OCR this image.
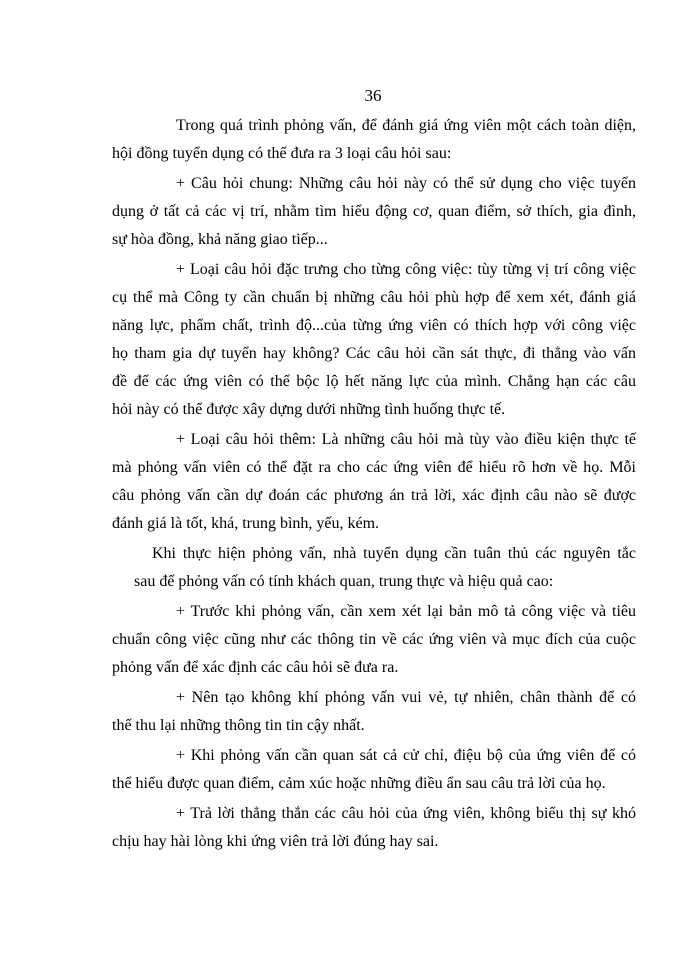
36
Trong quá trình phỏng vấn, để đánh giá ứng viên một cách toàn diện,
hội đồng tuyển dụng có thể đưa ra 3 loại câu hỏi sau:
+ Câu hỏi chung: Những câu hỏi này có thể sử dụng cho việc tuyển
dụng ở tất cả các vị trí, nhằm tìm hiểu động cơ, quan điểm, sở thích, gia đình,
sự hòa đồng, khả năng giao tiếp...
+ Loại câu hỏi đặc trưng cho từng công việc: tùy từng vị trí công việc
cụ thể mà Công ty cần chuẩn bị những câu hỏi phù hợp để xem xét, đánh giá
năng lực, phẩm chất, trình độ...của từng ứng viên có thích hợp với công việc
họ tham gia dự tuyển hay không? Các câu hỏi cần sát thực, đi thẳng vào vấn
đề để các ứng viên có thể bộc lộ hết năng lực của mình. Chẳng hạn các câu
hỏi này có thể được xây dựng dưới những tình huống thực tế.
+ Loại câu hỏi thêm: Là những câu hỏi mà tùy vào điều kiện thực tế
mà phỏng vấn viên có thể đặt ra cho các ứng viên để hiểu rõ hơn về họ. Mỗi
câu phỏng vấn cần dự đoán các phương án trả lời, xác định câu nào sẽ được
đánh giá là tốt, khá, trung bình, yếu, kém.
Khi thực hiện phỏng vấn, nhà tuyển dụng cần tuân thủ các nguyên tắc
sau để phỏng vấn có tính khách quan, trung thực và hiệu quả cao:
+ Trước khi phỏng vấn, cần xem xét lại bản mô tả công việc và tiêu
chuẩn công việc cũng như các thông tin về các ứng viên và mục đích của cuộc
phỏng vấn để xác định các câu hỏi sẽ đưa ra.
+ Nên tạo không khí phỏng vấn vui vẻ, tự nhiên, chân thành để có
thể thu lại những thông tin tin cậy nhất.
+ Khi phỏng vấn cần quan sát cả cử chỉ, điệu bộ của ứng viên để có
thể hiểu được quan điểm, cảm xúc hoặc những điều ẩn sau câu trả lời của họ.
+ Trả lời thẳng thắn các câu hỏi của ứng viên, không biểu thị sự khó
chịu hay hài lòng khi ứng viên trả lời đúng hay sai.
